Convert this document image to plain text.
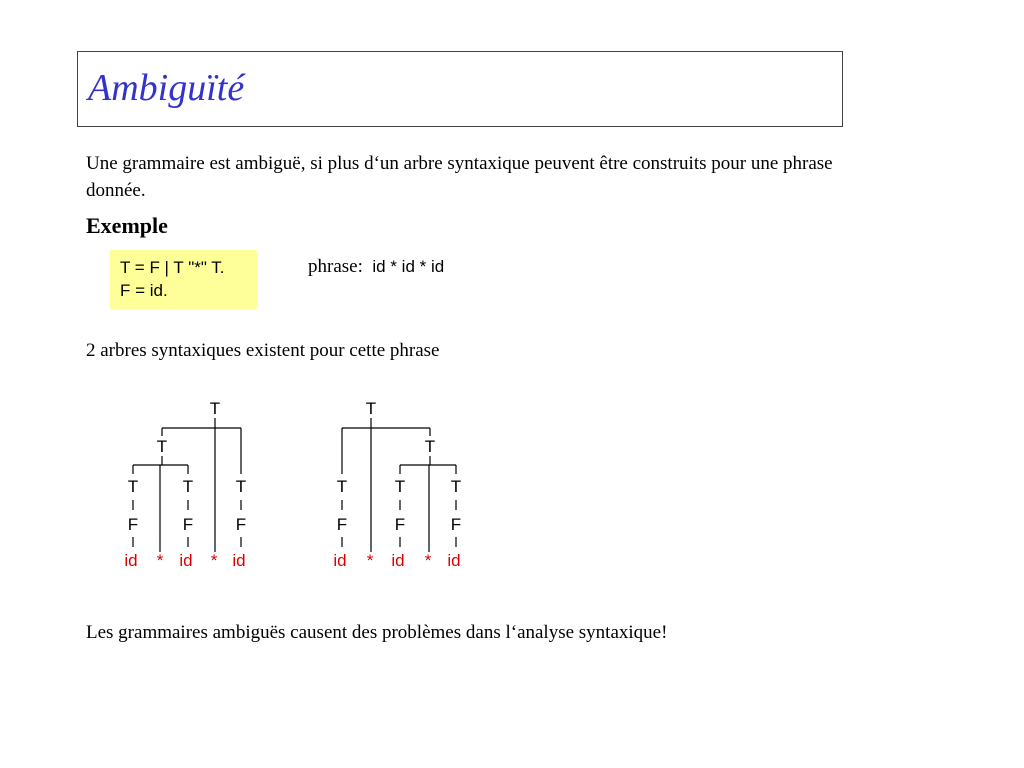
Ambiguïté
Une grammaire est ambiguë, si plus d‘un arbre syntaxique peuvent être construits pour une phrase donnée.
Exemple
T = F | T "*" T.
F = id.
phrase: id * id * id
2 arbres syntaxiques existent pour cette phrase
T
T
T	T	T
F	F	F
id * id * id
T
T
T	T	T
F	F	F
id * id * id
Les grammaires ambiguës causent des problèmes dans l‘analyse syntaxique!
